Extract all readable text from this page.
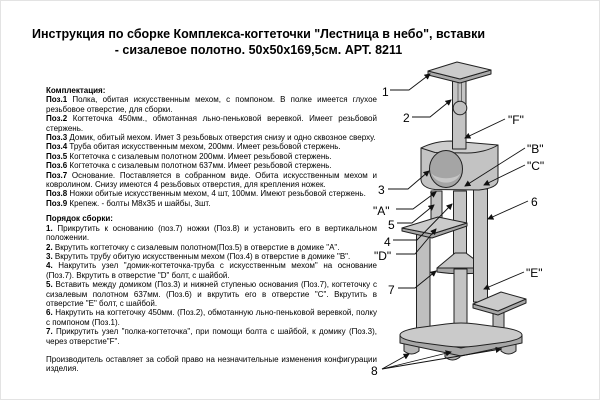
Инструкция по сборке Комплекса-когтеточки "Лестница в небо", вставки
- сизалевое полотно. 50х50х169,5см. АРТ. 8211

Комплектация:

Поз.1 Полка, обитая искусственным мехом, с помпоном. В полке имеется глухое резьбовое отверстие, для сборки.

Поз.2 Когтеточка 450мм., обмотанная льно-пеньковой веревкой. Имеет резьбовой стержень.

Поз.3 Домик, обитый мехом. Имет 3 резьбовых отверстия снизу и одно сквозное сверху.

Поз.4 Труба обитая искусственным мехом, 200мм. Имеет резьбовой стержень.

Поз.5 Когтеточка с сизалевым полотном 200мм. Имеет резьбовой стержень.

Поз.6 Когтеточка с сизалевым полотном 637мм. Имеет резьбовой стержень.

Поз.7 Основание. Поставляется в собранном виде. Обита искусственным мехом и ковролином. Снизу имеются 4 резьбовых отверстия, для крепления ножек.

Поз.8 Ножки обитые искусственным мехом, 4 шт, 100мм. Имеют резьбовой стержень.

Поз.9 Крепеж. - болты М8х35 и шайбы, 3шт.

Порядок сборки:

1. Прикрутить к основанию (поз.7) ножки (Поз.8) и установить его в вертикальном положении.

2. Вкрутить когтеточку с сизалевым полотном(Поз.5) в отверстие в домике "А".

3. Вкрутить трубу обитую искусственным мехом (Поз.4) в отверстие в домике "В".

4. Накрутить узел "домик-когтеточка-труба с искусственным мехом" на основание (Поз.7). Вкрутить в отверстие "D" болт, с шайбой.

5. Вставить между домиком (Поз.3) и нижней ступенью основания (Поз.7), когтеточку с сизалевым полотном 637мм. (Поз.6) и вкрутить его в отверстие "С". Вкрутить в отверстие "Е" болт, с шайбой.

6. Накрутить на когтеточку 450мм. (Поз.2), обмотанную льно-пеньковой веревкой, полку с помпоном (Поз.1).

7. Прикрутить узел "полка-когтеточка", при помощи болта с шайбой, к домику (Поз.3), через отверстие"F".

Производитель оставляет за собой право на незначительные изменения конфигурации изделия.

1
2
3
"A"
5
4
"D"
7
8
"F"
"B"
"C"
6
"E"
